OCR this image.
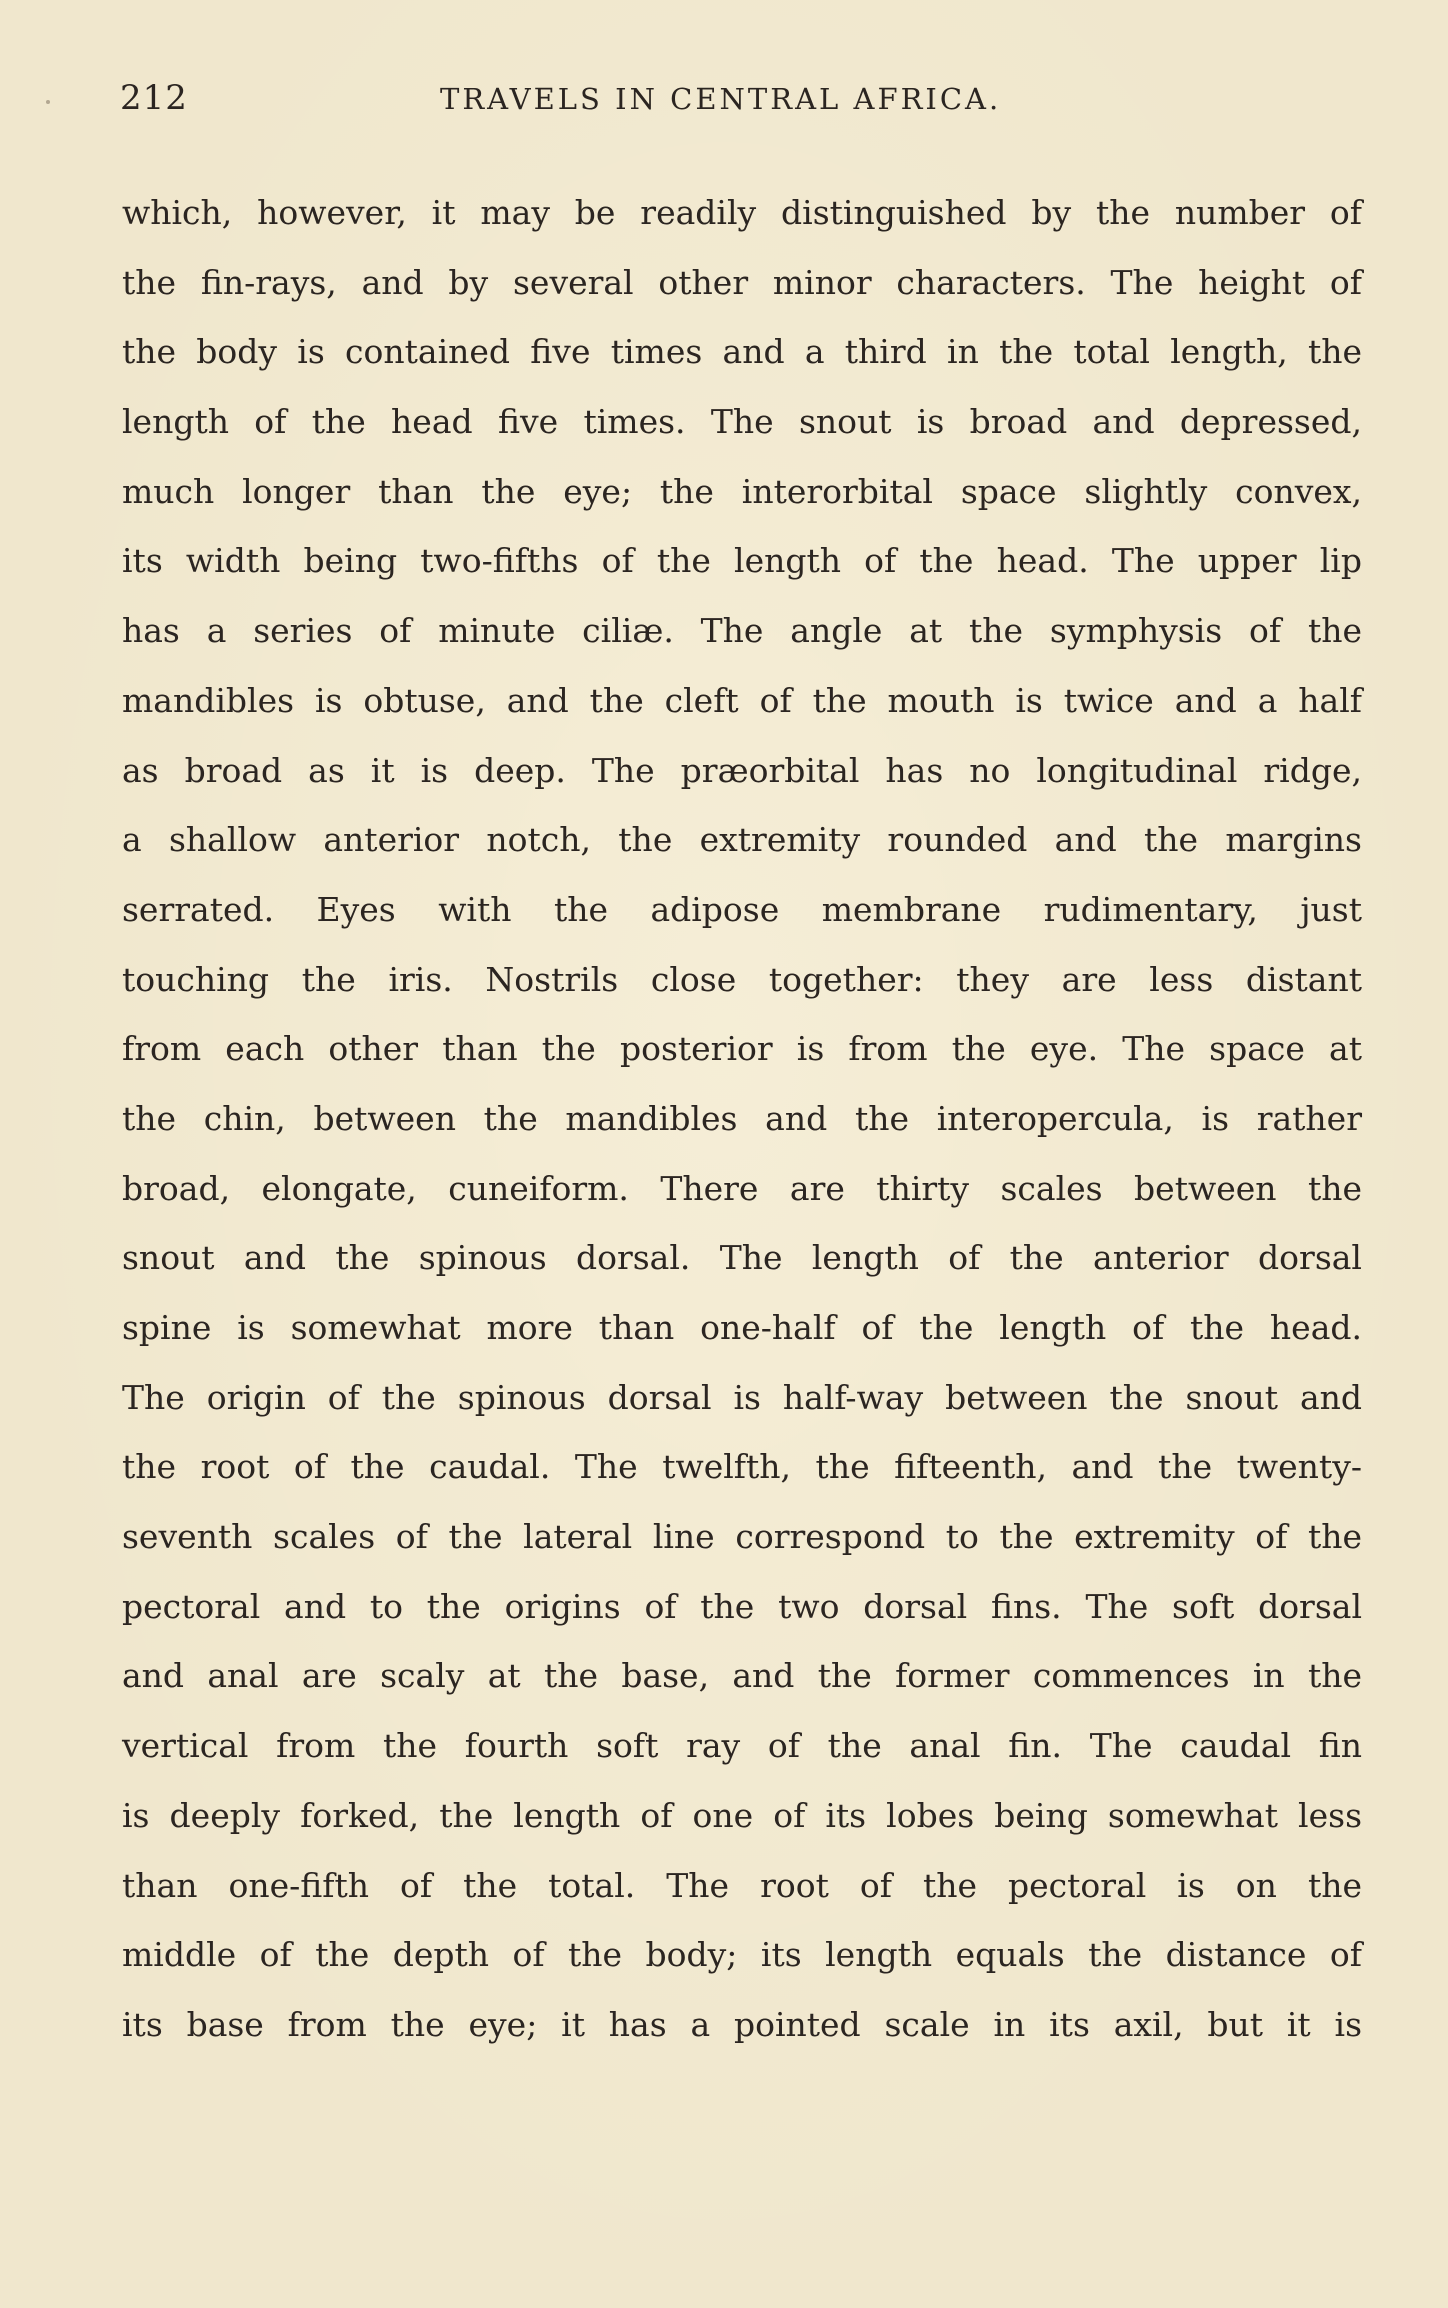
212	TRAVELS IN CENTRAL AFRICA.
which, however, it may be readily distinguished by the number of
the fin-rays, and by several other minor characters. The height of
the body is contained five times and a third in the total length, the
length of the head five times. The snout is broad and depressed,
much longer than the eye; the interorbital space slightly convex,
its width being two-fifths of the length of the head. The upper lip
has a series of minute ciliæ. The angle at the symphysis of the
mandibles is obtuse, and the cleft of the mouth is twice and a half
as broad as it is deep. The præorbital has no longitudinal ridge,
a shallow anterior notch, the extremity rounded and the margins
serrated. Eyes with the adipose membrane rudimentary, just
touching the iris. Nostrils close together: they are less distant
from each other than the posterior is from the eye. The space at
the chin, between the mandibles and the interopercula, is rather
broad, elongate, cuneiform. There are thirty scales between the
snout and the spinous dorsal. The length of the anterior dorsal
spine is somewhat more than one-half of the length of the head.
The origin of the spinous dorsal is half-way between the snout and
the root of the caudal. The twelfth, the fifteenth, and the twenty-
seventh scales of the lateral line correspond to the extremity of the
pectoral and to the origins of the two dorsal fins. The soft dorsal
and anal are scaly at the base, and the former commences in the
vertical from the fourth soft ray of the anal fin. The caudal fin
is deeply forked, the length of one of its lobes being somewhat less
than one-fifth of the total. The root of the pectoral is on the
middle of the depth of the body; its length equals the distance of
its base from the eye; it has a pointed scale in its axil, but it is
